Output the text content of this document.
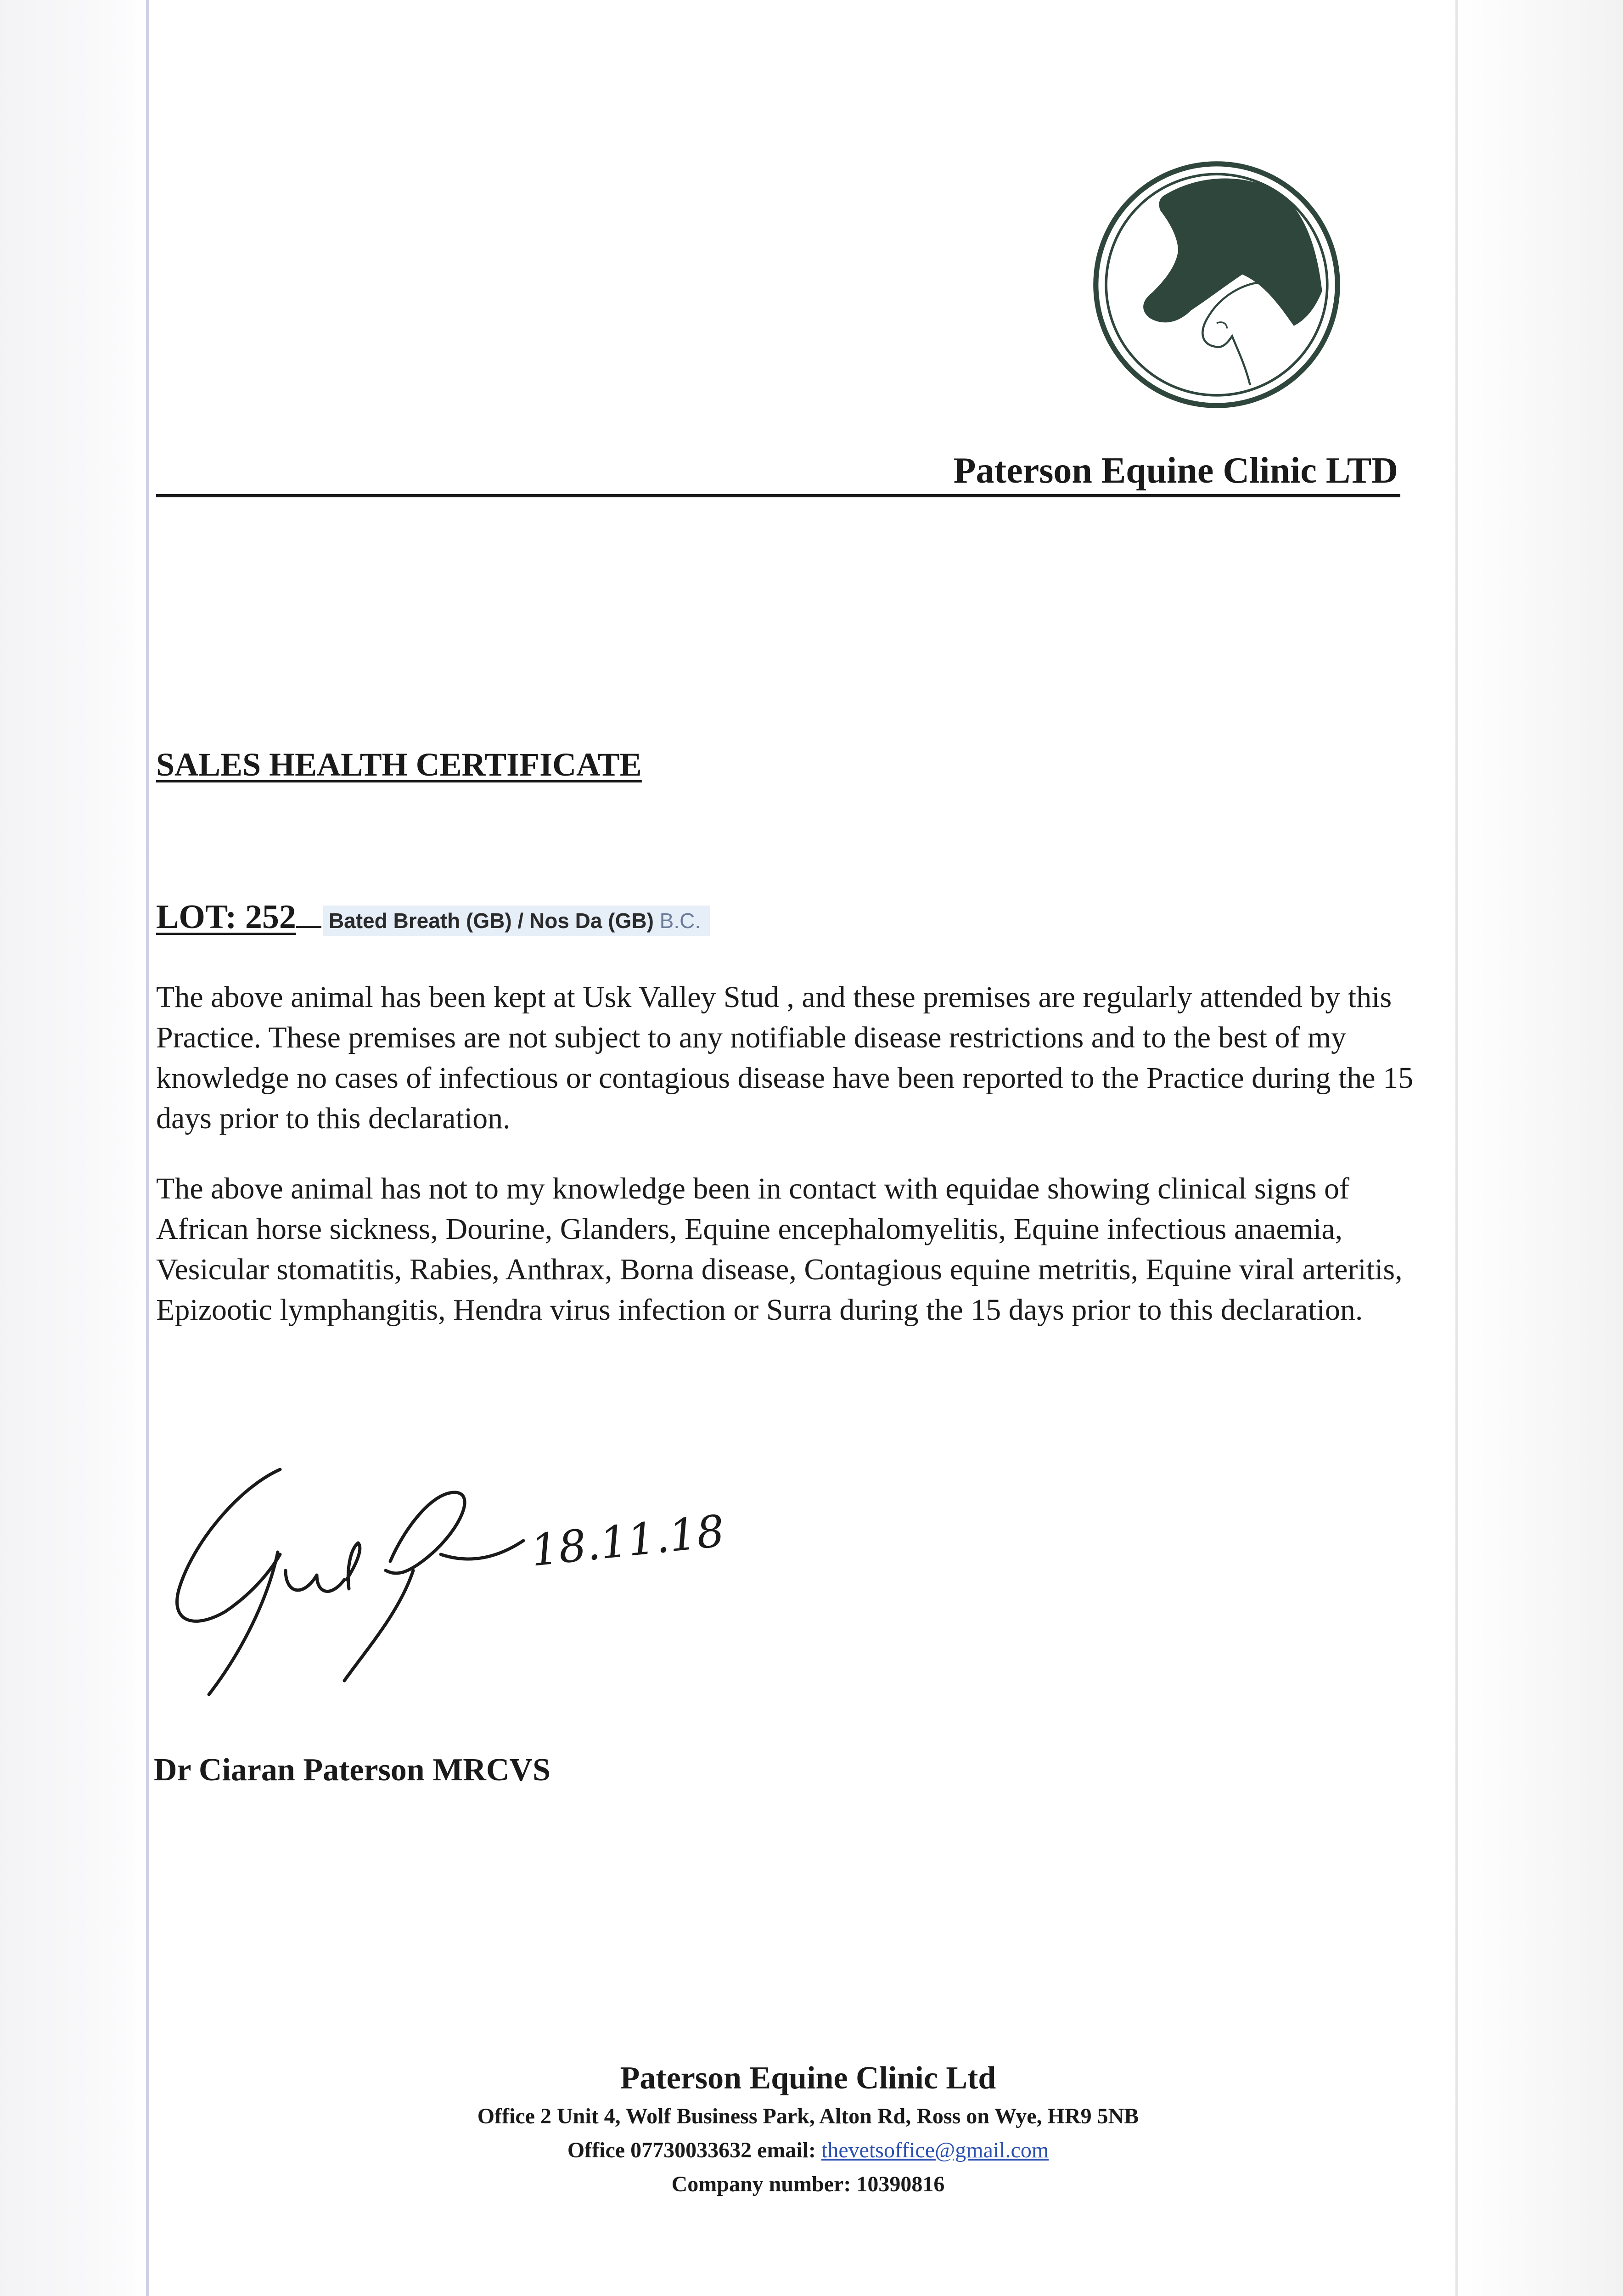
Paterson Equine Clinic LTD
SALES HEALTH CERTIFICATE
LOT: 252 Bated Breath (GB) / Nos Da (GB) B.C.
The above animal has been kept at Usk Valley Stud , and these premises are regularly attended by this Practice. These premises are not subject to any notifiable disease restrictions and to the best of my knowledge no cases of infectious or contagious disease have been reported to the Practice during the 15 days prior to this declaration.
The above animal has not to my knowledge been in contact with equidae showing clinical signs of African horse sickness, Dourine, Glanders, Equine encephalomyelitis, Equine infectious anaemia, Vesicular stomatitis, Rabies, Anthrax, Borna disease, Contagious equine metritis, Equine viral arteritis, Epizootic lymphangitis, Hendra virus infection or Surra during the 15 days prior to this declaration.
18.11.18
Dr Ciaran Paterson MRCVS
Paterson Equine Clinic Ltd
Office 2 Unit 4, Wolf Business Park, Alton Rd, Ross on Wye, HR9 5NB
Office 07730033632 email: thevetsoffice@gmail.com
Company number: 10390816
